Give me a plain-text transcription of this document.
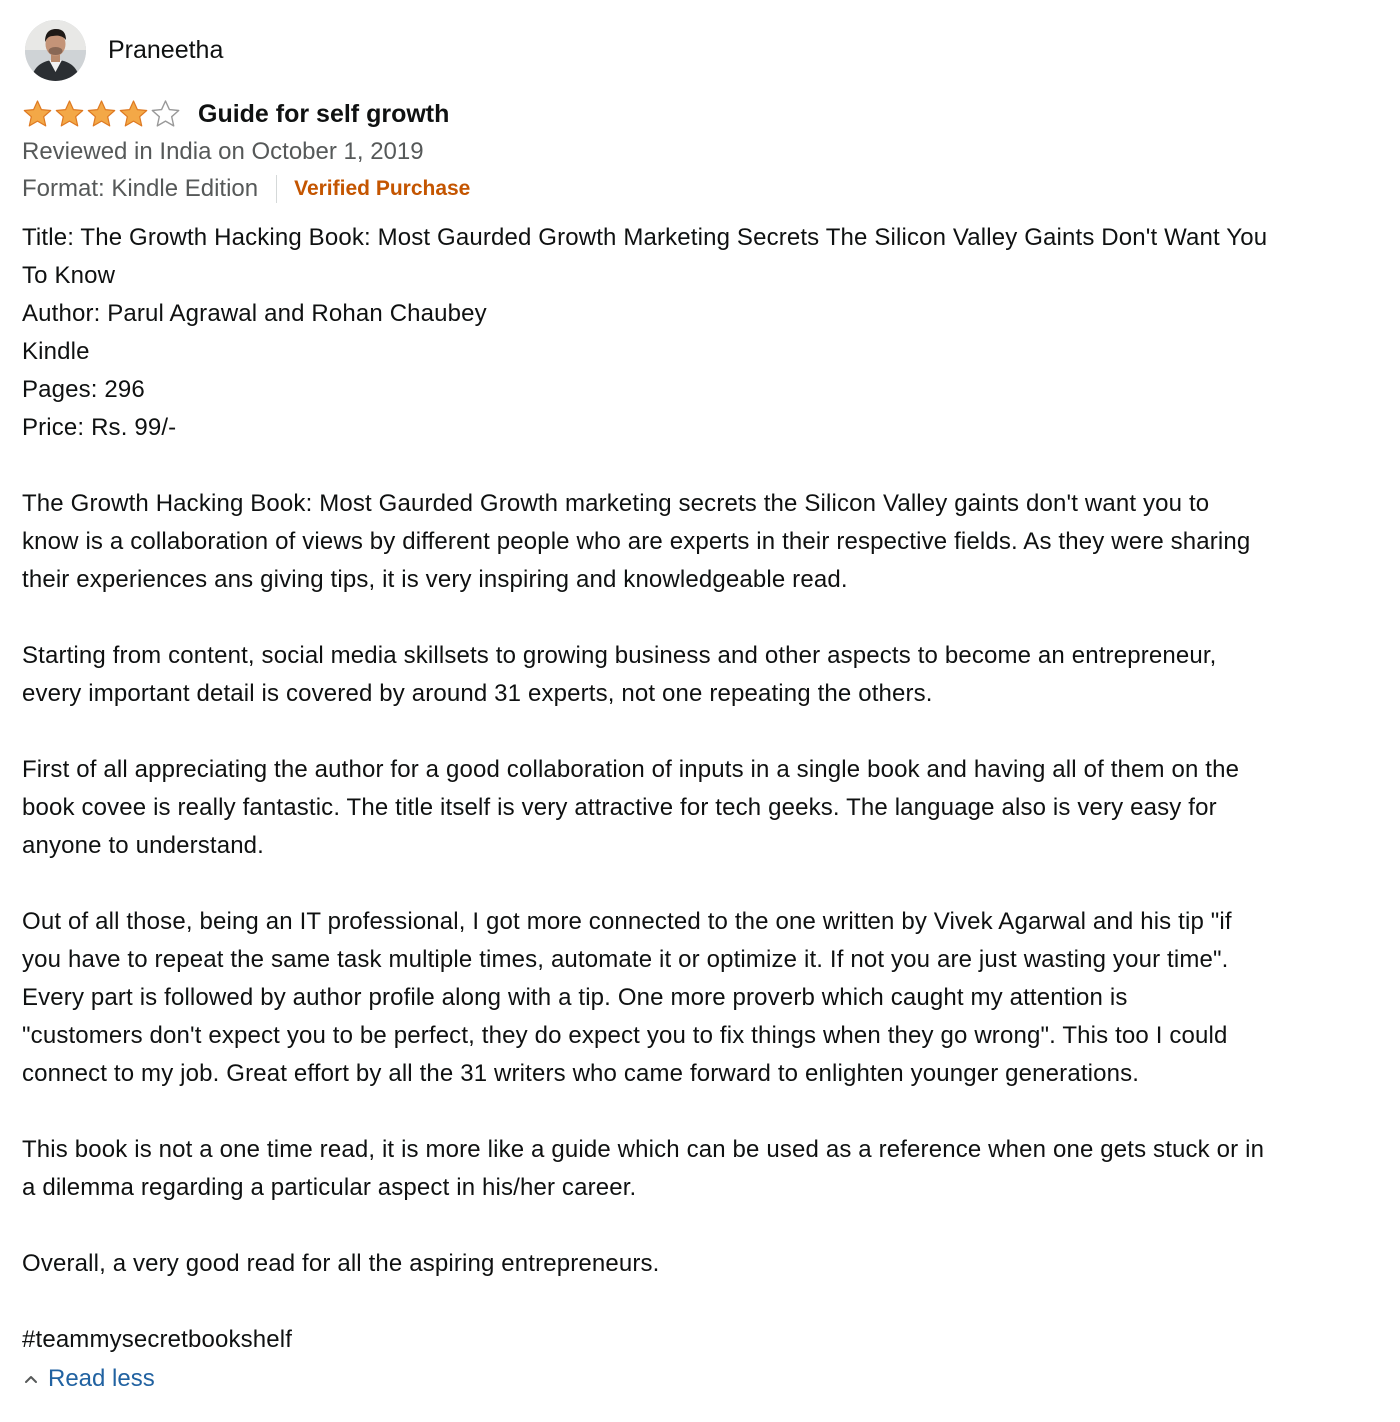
Praneetha
Guide for self growth
Reviewed in India on October 1, 2019
Format: Kindle Edition Verified Purchase
Title: The Growth Hacking Book: Most Gaurded Growth Marketing Secrets The Silicon Valley Gaints Don't Want You
To Know
Author: Parul Agrawal and Rohan Chaubey
Kindle
Pages: 296
Price: Rs. 99/-
The Growth Hacking Book: Most Gaurded Growth marketing secrets the Silicon Valley gaints don't want you to
know is a collaboration of views by different people who are experts in their respective fields. As they were sharing
their experiences ans giving tips, it is very inspiring and knowledgeable read.
Starting from content, social media skillsets to growing business and other aspects to become an entrepreneur,
every important detail is covered by around 31 experts, not one repeating the others.
First of all appreciating the author for a good collaboration of inputs in a single book and having all of them on the
book covee is really fantastic. The title itself is very attractive for tech geeks. The language also is very easy for
anyone to understand.
Out of all those, being an IT professional, I got more connected to the one written by Vivek Agarwal and his tip "if
you have to repeat the same task multiple times, automate it or optimize it. If not you are just wasting your time".
Every part is followed by author profile along with a tip. One more proverb which caught my attention is
"customers don't expect you to be perfect, they do expect you to fix things when they go wrong". This too I could
connect to my job. Great effort by all the 31 writers who came forward to enlighten younger generations.
This book is not a one time read, it is more like a guide which can be used as a reference when one gets stuck or in
a dilemma regarding a particular aspect in his/her career.
Overall, a very good read for all the aspiring entrepreneurs.
#teammysecretbookshelf
Read less
